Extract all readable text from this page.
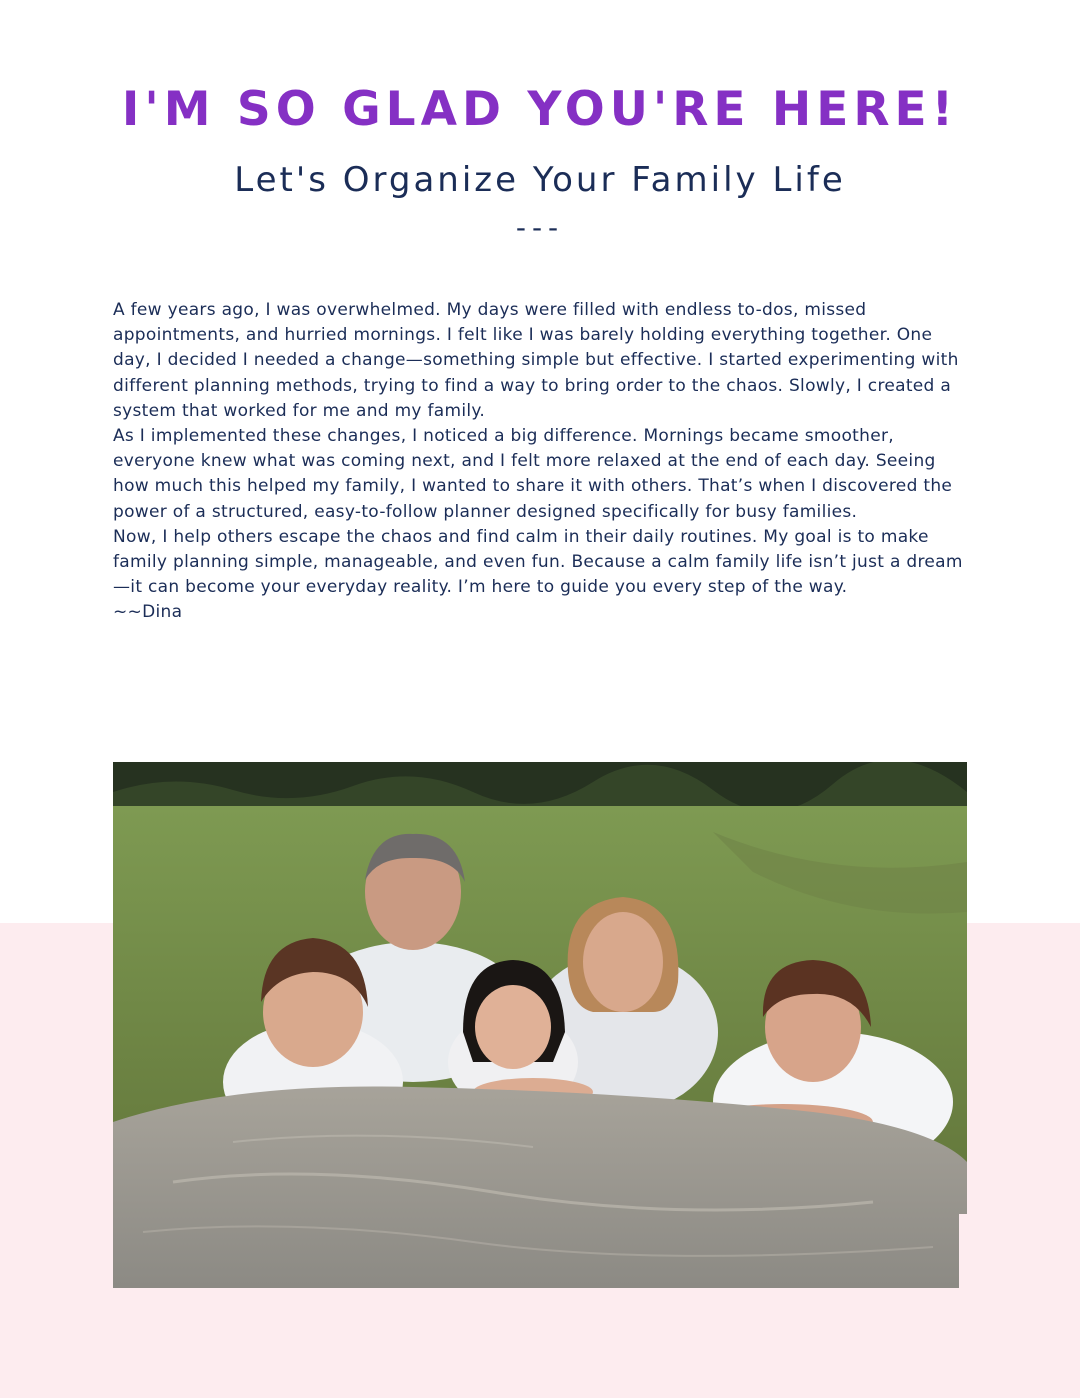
I'M SO GLAD YOU'RE HERE!
Let's Organize Your Family Life
---

A few years ago, I was overwhelmed. My days were filled with endless to-dos, missed appointments, and hurried mornings. I felt like I was barely holding everything together. One day, I decided I needed a change—something simple but effective. I started experimenting with different planning methods, trying to find a way to bring order to the chaos. Slowly, I created a system that worked for me and my family.

As I implemented these changes, I noticed a big difference. Mornings became smoother, everyone knew what was coming next, and I felt more relaxed at the end of each day. Seeing how much this helped my family, I wanted to share it with others. That’s when I discovered the power of a structured, easy-to-follow planner designed specifically for busy families.

Now, I help others escape the chaos and find calm in their daily routines. My goal is to make family planning simple, manageable, and even fun. Because a calm family life isn’t just a dream—it can become your everyday reality. I’m here to guide you every step of the way.

~~Dina
